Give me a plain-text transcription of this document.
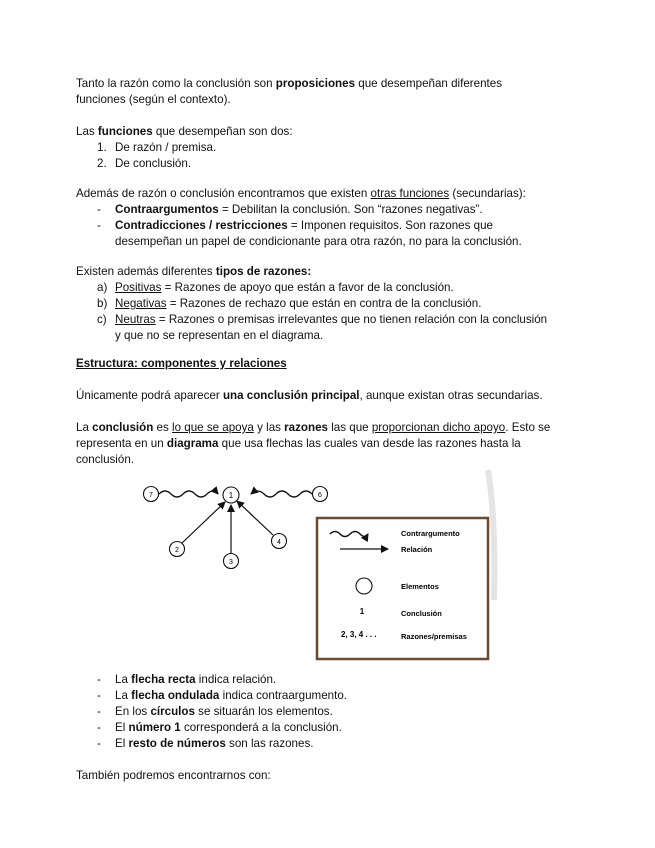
Tanto la razón como la conclusión son proposiciones que desempeñan diferentes
funciones (según el contexto).
Las funciones que desempeñan son dos:
1. De razón / premisa.
2. De conclusión.
Además de razón o conclusión encontramos que existen otras funciones (secundarias):
- Contraargumentos = Debilitan la conclusión. Son “razones negativas”.
- Contradicciones / restricciones = Imponen requisitos. Son razones que
desempeñan un papel de condicionante para otra razón, no para la conclusión.
Existen además diferentes tipos de razones:
a) Positivas = Razones de apoyo que están a favor de la conclusión.
b) Negativas = Razones de rechazo que están en contra de la conclusión.
c) Neutras = Razones o premisas irrelevantes que no tienen relación con la conclusión
y que no se representan en el diagrama.
Estructura: componentes y relaciones
Únicamente podrá aparecer una conclusión principal, aunque existan otras secundarias.
La conclusión es lo que se apoya y las razones las que proporcionan dicho apoyo. Esto se
representa en un diagrama que usa flechas las cuales van desde las razones hasta la
conclusión.
1
7	6
2
3
4
Contrargumento
Relación
Elementos
1	Conclusión
2, 3, 4 . . .	Razones/premisas
- La flecha recta indica relación.
- La flecha ondulada indica contraargumento.
- En los círculos se situarán los elementos.
- El número 1 corresponderá a la conclusión.
- El resto de números son las razones.
También podremos encontrarnos con:
